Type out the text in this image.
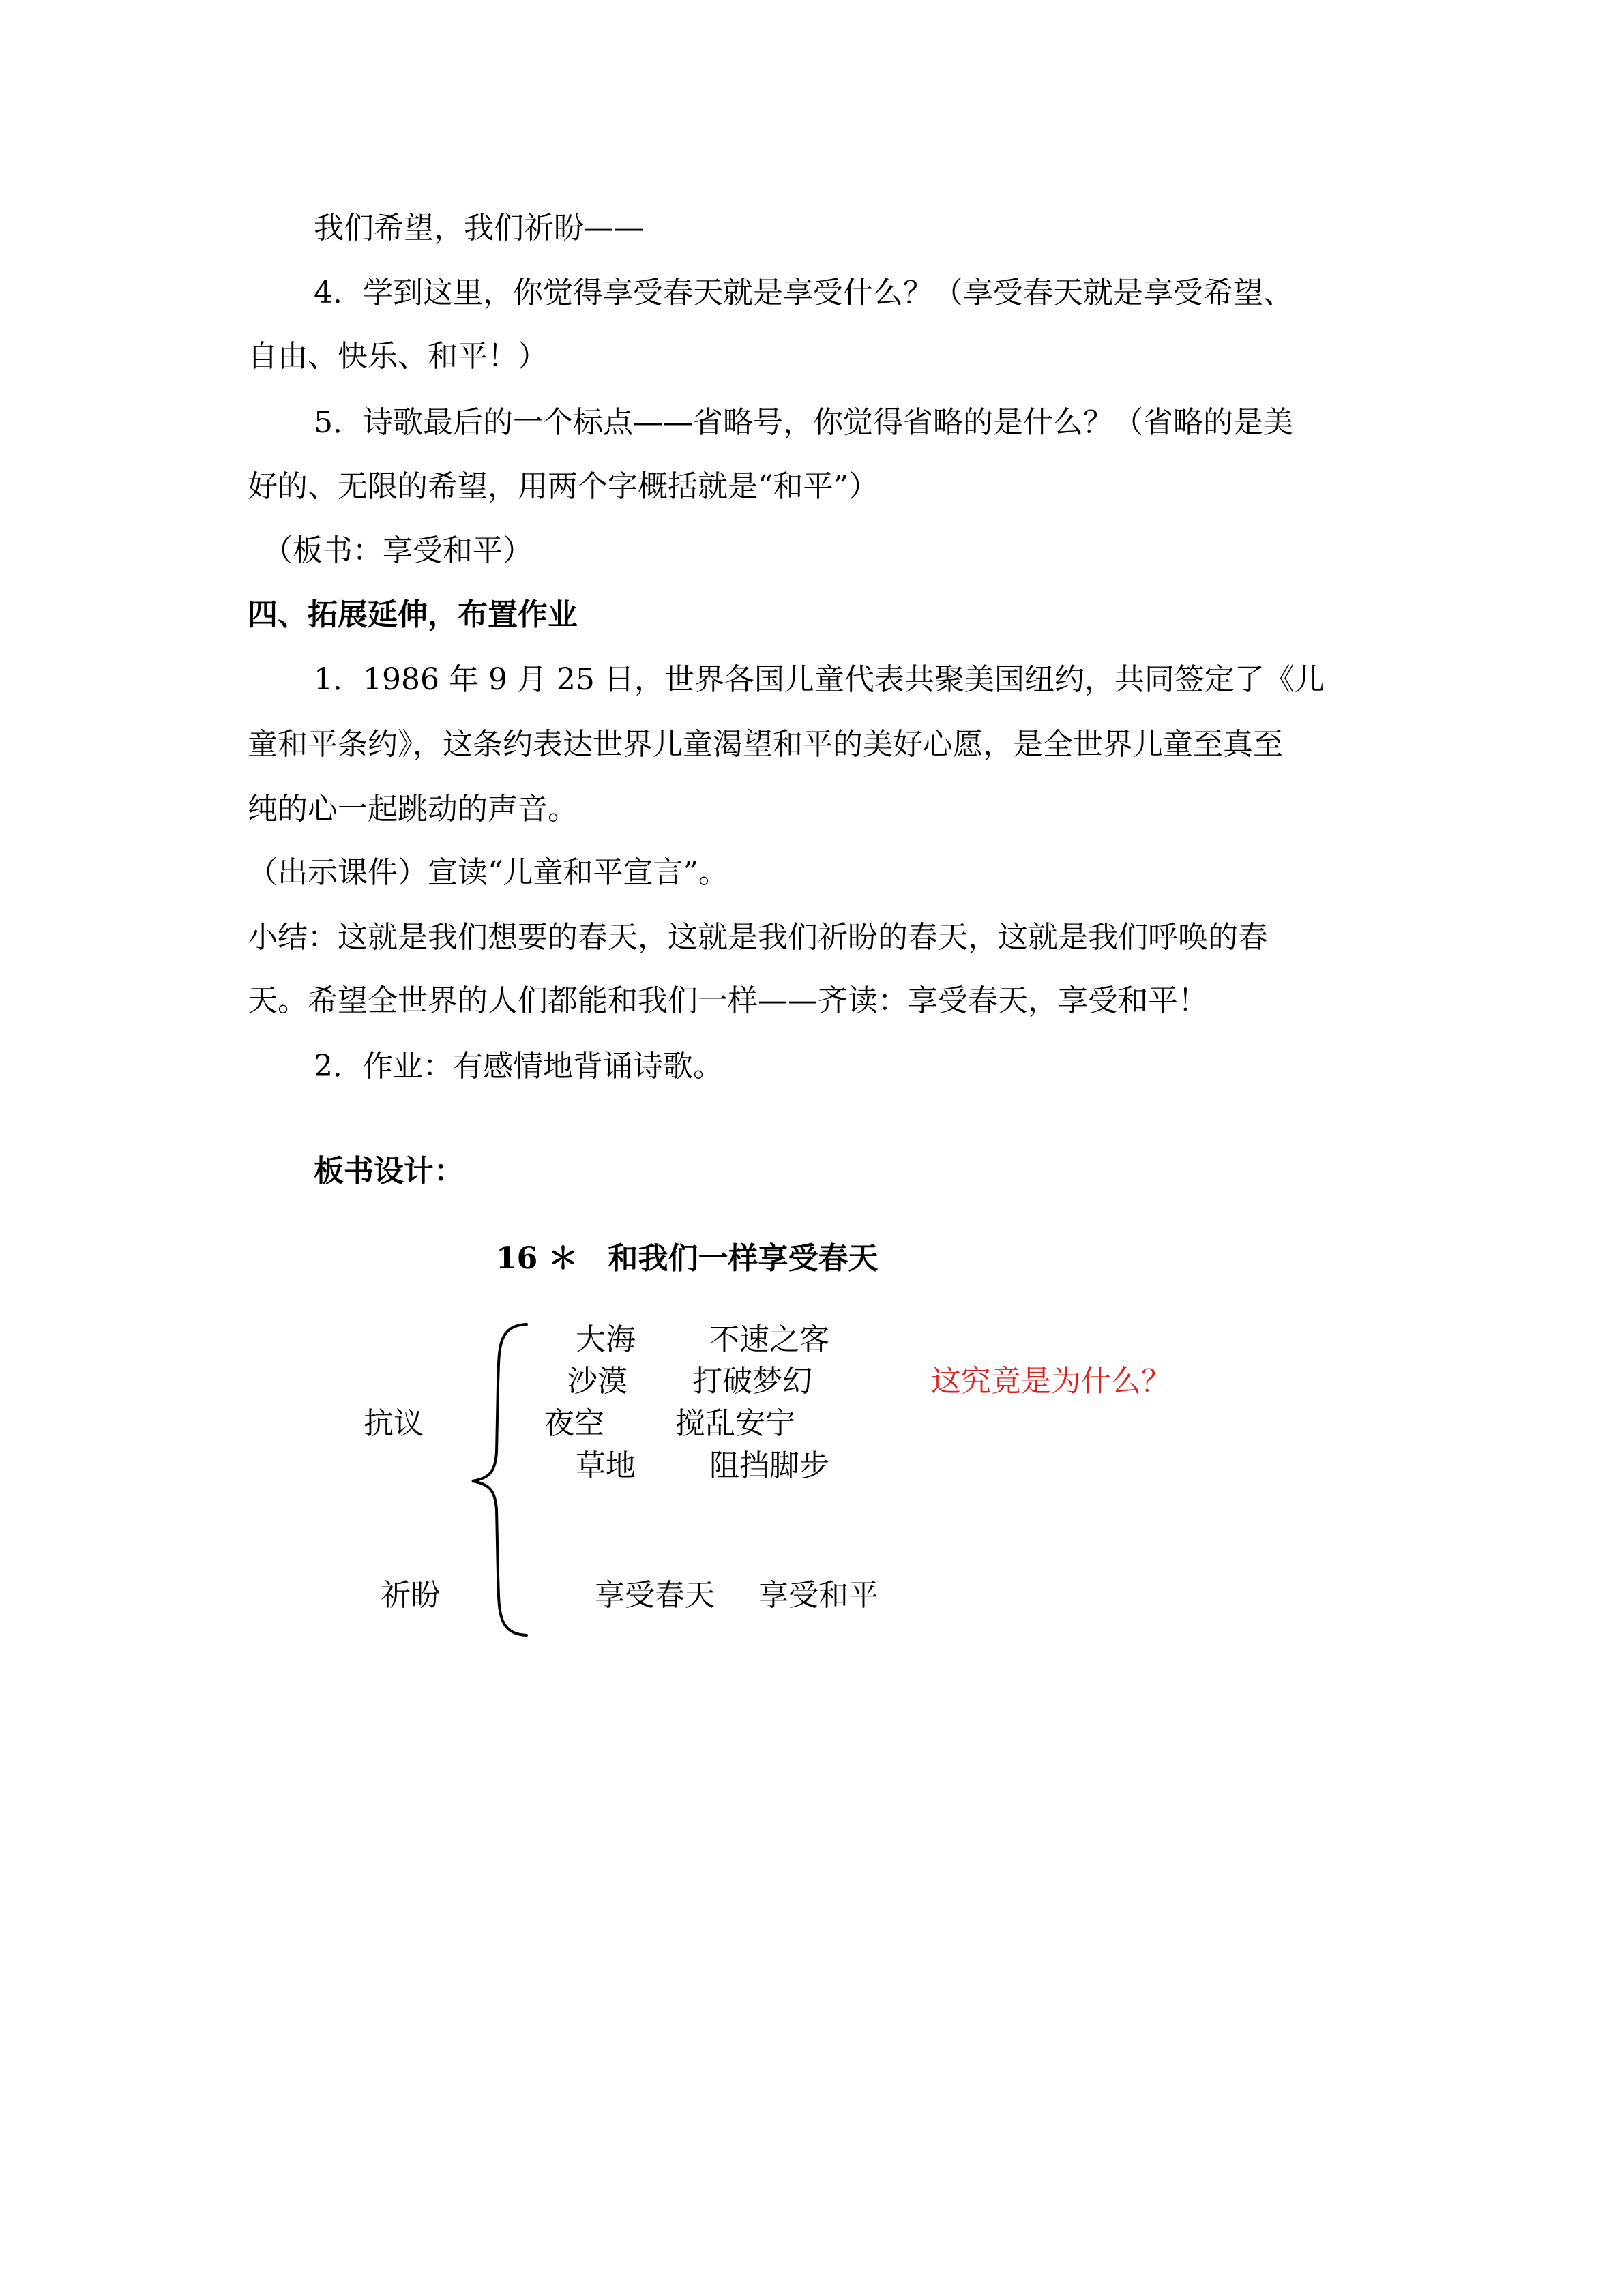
我们希望，我们祈盼——

4．学到这里，你觉得享受春天就是享受什么？（享受春天就是享受希望、

自由、快乐、和平！）

5．诗歌最后的一个标点——省略号，你觉得省略的是什么？（省略的是美

好的、无限的希望，用两个字概括就是“和平”）

（板书：享受和平）

四、拓展延伸，布置作业

1．1986 年 9 月 25 日，世界各国儿童代表共聚美国纽约，共同签定了《儿

童和平条约》，这条约表达世界儿童渴望和平的美好心愿，是全世界儿童至真至

纯的心一起跳动的声音。

（出示课件）宣读“儿童和平宣言”。

小结：这就是我们想要的春天，这就是我们祈盼的春天，这就是我们呼唤的春

天。希望全世界的人们都能和我们一样——齐读：享受春天，享受和平！

2．作业：有感情地背诵诗歌。

板书设计：

16 ＊　和我们一样享受春天

抗议

祈盼

大海 不速之客

沙漠 打破梦幻

夜空 搅乱安宁

草地 阻挡脚步

这究竟是为什么？

享受春天 享受和平
